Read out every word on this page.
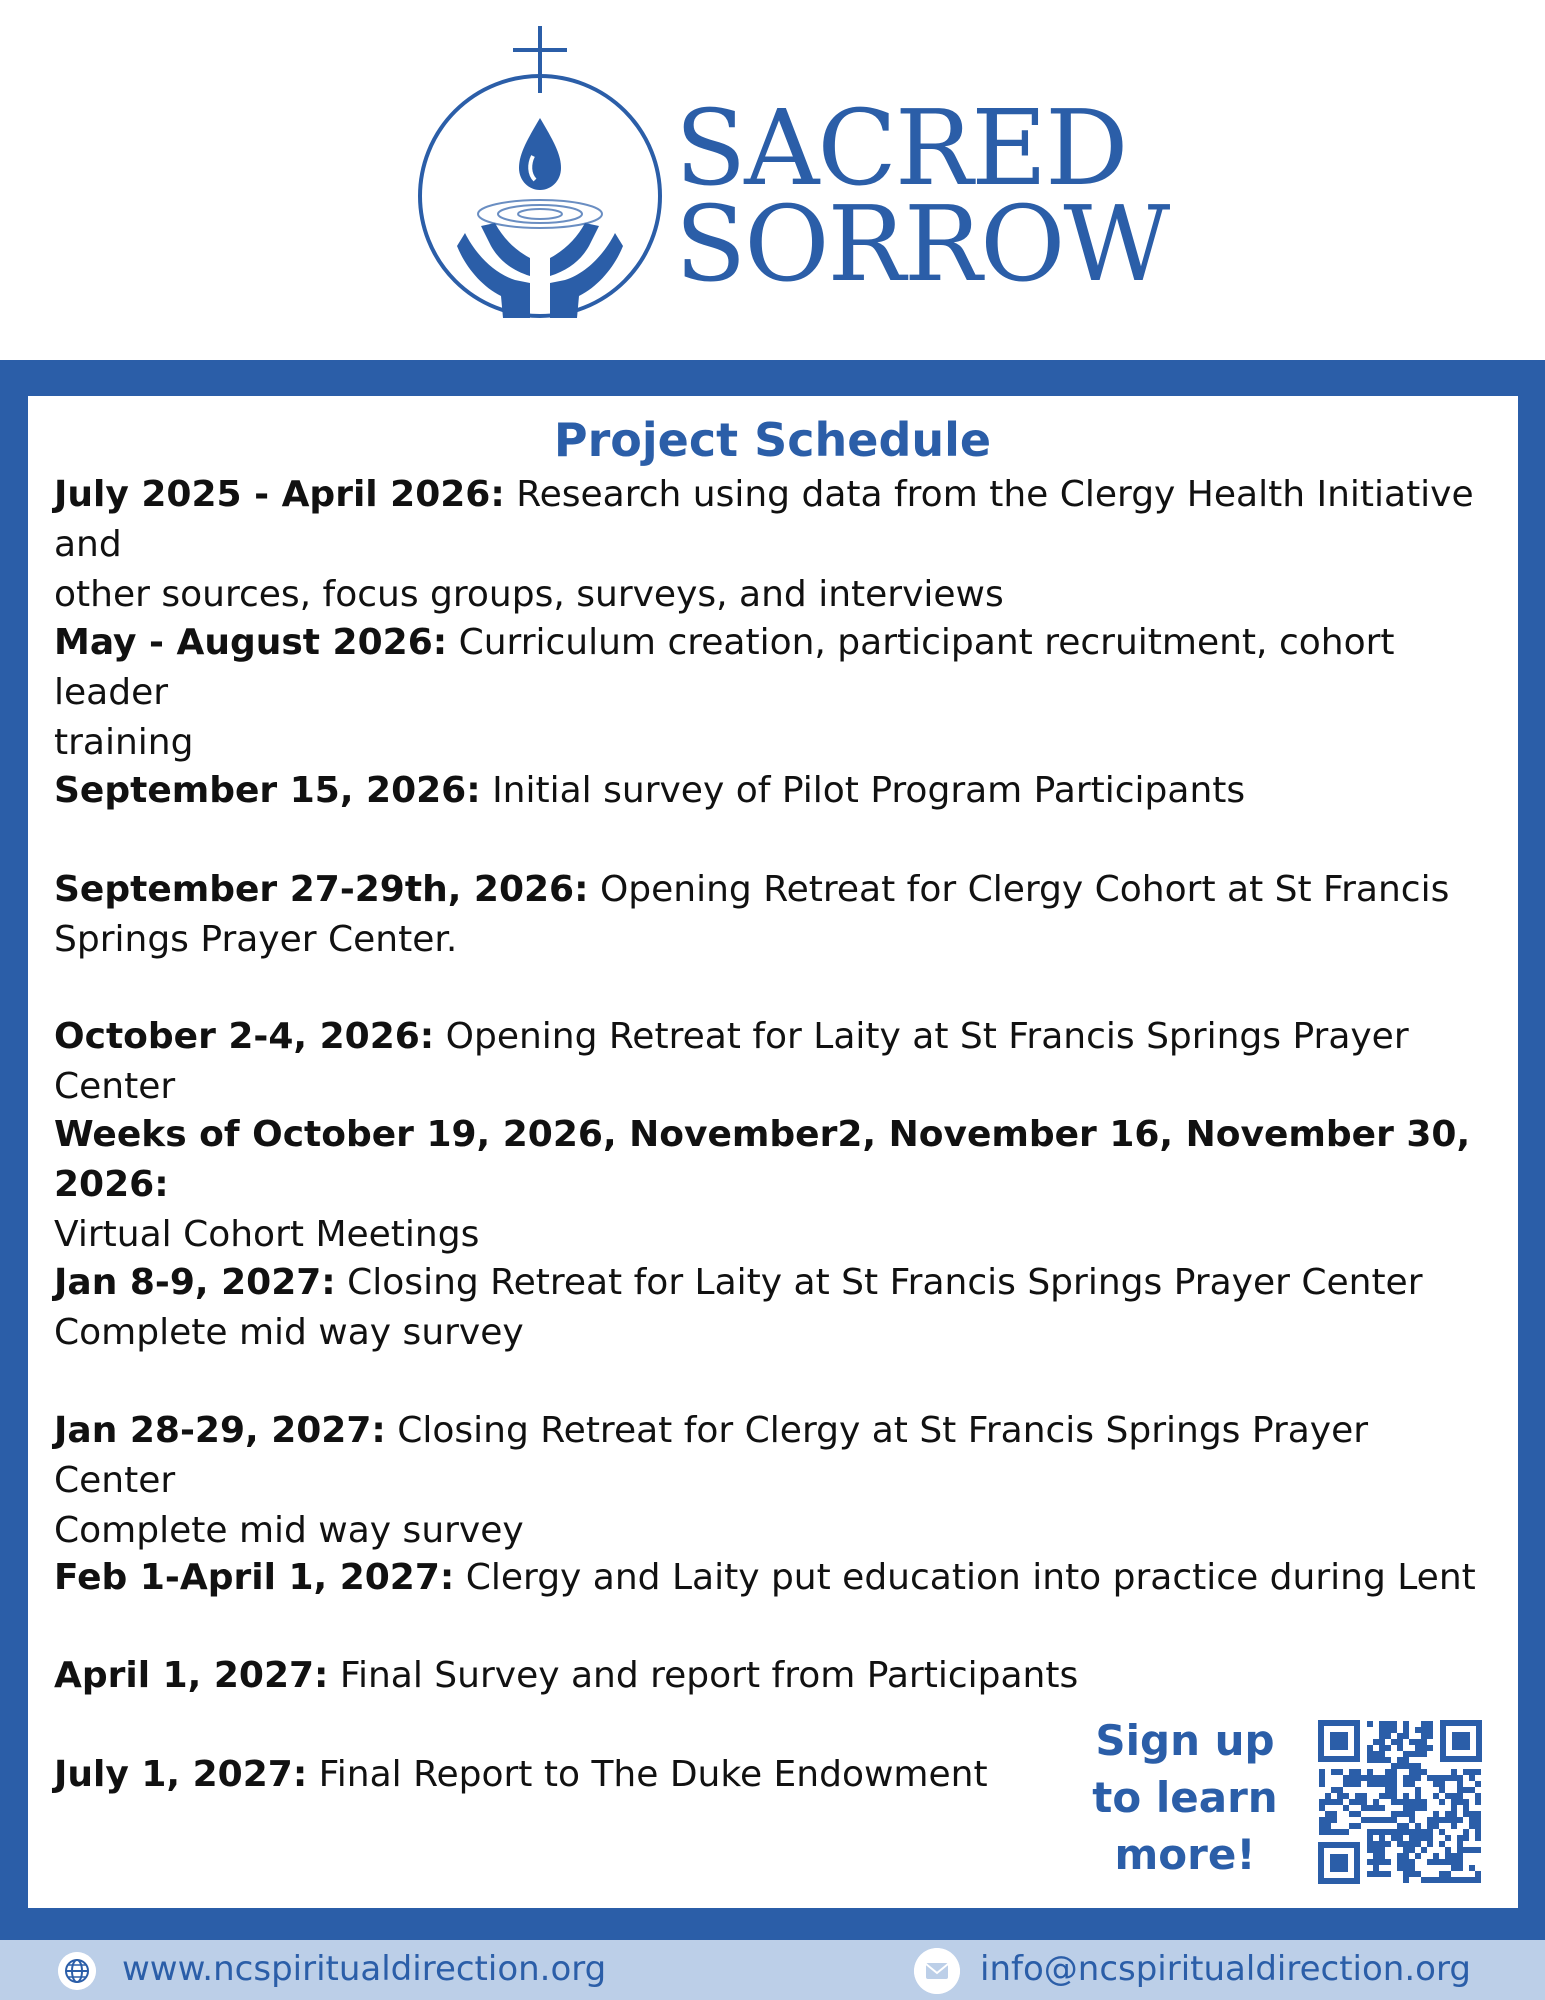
SACRED
SORROW
Project Schedule
July 2025 - April 2026: Research using data from the Clergy Health Initiative and
other sources, focus groups, surveys, and interviews
May - August 2026: Curriculum creation, participant recruitment, cohort leader
training
September 15, 2026: Initial survey of Pilot Program Participants
September 27-29th, 2026: Opening Retreat for Clergy Cohort at St Francis
Springs Prayer Center.
October 2-4, 2026: Opening Retreat for Laity at St Francis Springs Prayer Center
Weeks of October 19, 2026, November2, November 16, November 30, 2026:
Virtual Cohort Meetings
Jan 8-9, 2027: Closing Retreat for Laity at St Francis Springs Prayer Center
Complete mid way survey
Jan 28-29, 2027: Closing Retreat for Clergy at St Francis Springs Prayer Center
Complete mid way survey
Feb 1-April 1, 2027: Clergy and Laity put education into practice during Lent
April 1, 2027: Final Survey and report from Participants
July 1, 2027: Final Report to The Duke Endowment
Sign up
to learn
more!
www.ncspiritualdirection.org	info@ncspiritualdirection.org
